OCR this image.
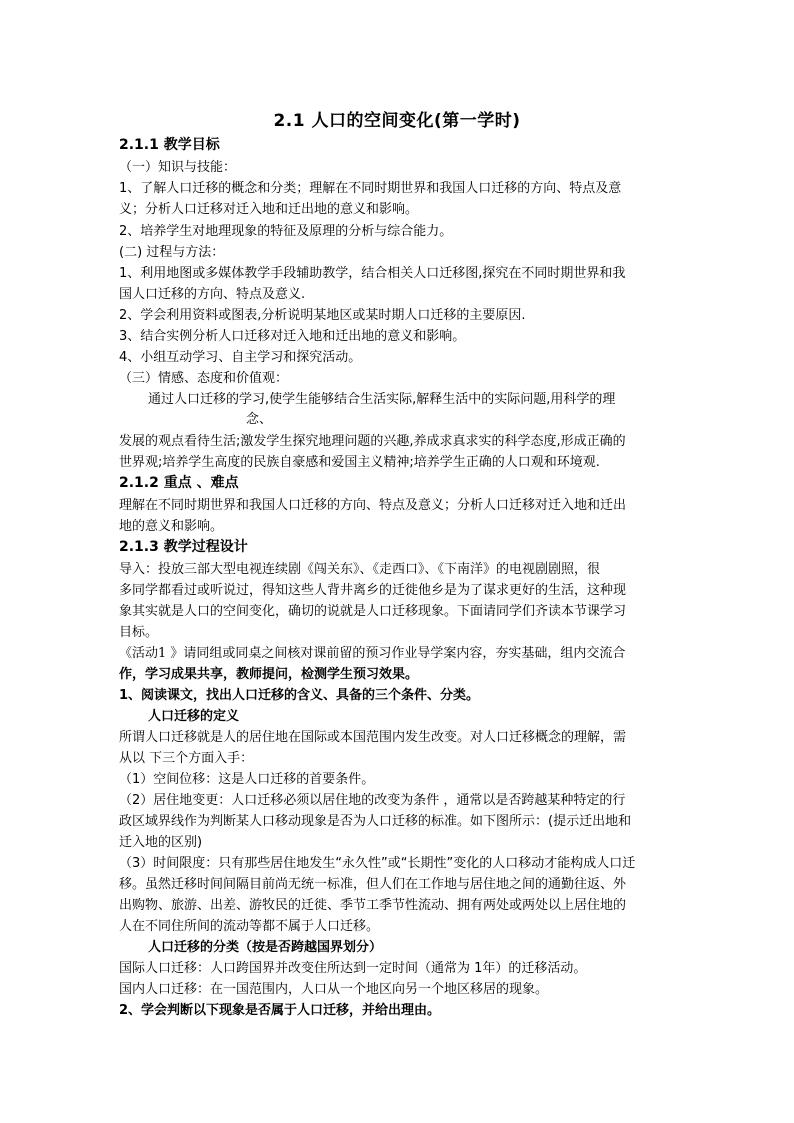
2.1 人口的空间变化(第一学时)
2.1.1 教学目标
（一）知识与技能：
1、了解人口迁移的概念和分类；理解在不同时期世界和我国人口迁移的方向、特点及意
义；分析人口迁移对迁入地和迁出地的意义和影响。
2、培养学生对地理现象的特征及原理的分析与综合能力。
(二) 过程与方法：
1、利用地图或多媒体教学手段辅助教学，结合相关人口迁移图,探究在不同时期世界和我
国人口迁移的方向、特点及意义.
2、学会利用资料或图表,分析说明某地区或某时期人口迁移的主要原因.
3、结合实例分析人口迁移对迁入地和迁出地的意义和影响。
4、小组互动学习、自主学习和探究活动。
（三）情感、态度和价值观：
通过人口迁移的学习,使学生能够结合生活实际,解释生活中的实际问题,用科学的理
念、
发展的观点看待生活;激发学生探究地理问题的兴趣,养成求真求实的科学态度,形成正确的
世界观;培养学生高度的民族自豪感和爱国主义精神;培养学生正确的人口观和环境观.
2.1.2 重点 、难点
理解在不同时期世界和我国人口迁移的方向、特点及意义；分析人口迁移对迁入地和迁出
地的意义和影响。
2.1.3 教学过程设计
导入：投放三部大型电视连续剧《闯关东》、《走西口》、《下南洋》的电视剧剧照，很
多同学都看过或听说过，得知这些人背井离乡的迁徙他乡是为了谋求更好的生活，这种现
象其实就是人口的空间变化，确切的说就是人口迁移现象。下面请同学们齐读本节课学习
目标。
《活动1 》请同组或同桌之间核对课前留的预习作业导学案内容，夯实基础，组内交流合
作，学习成果共享，教师提问，检测学生预习效果。
1、阅读课文，找出人口迁移的含义、具备的三个条件、分类。
人口迁移的定义
所谓人口迁移就是人的居住地在国际或本国范围内发生改变。对人口迁移概念的理解，需
从以 下三个方面入手：
（1）空间位移：这是人口迁移的首要条件。
（2）居住地变更：人口迁移必须以居住地的改变为条件 ，通常以是否跨越某种特定的行
政区域界线作为判断某人口移动现象是否为人口迁移的标准。如下图所示：(提示迁出地和
迁入地的区别)
（3）时间限度：只有那些居住地发生“永久性”或“长期性”变化的人口移动才能构成人口迁
移。虽然迁移时间间隔目前尚无统一标准，但人们在工作地与居住地之间的通勤往返、外
出购物、旅游、出差、游牧民的迁徙、季节工季节性流动、拥有两处或两处以上居住地的
人在不同住所间的流动等都不属于人口迁移。
人口迁移的分类（按是否跨越国界划分）
国际人口迁移：人口跨国界并改变住所达到一定时间（通常为 1年）的迁移活动。
国内人口迁移：在一国范围内，人口从一个地区向另一个地区移居的现象。
2、学会判断以下现象是否属于人口迁移，并给出理由。
